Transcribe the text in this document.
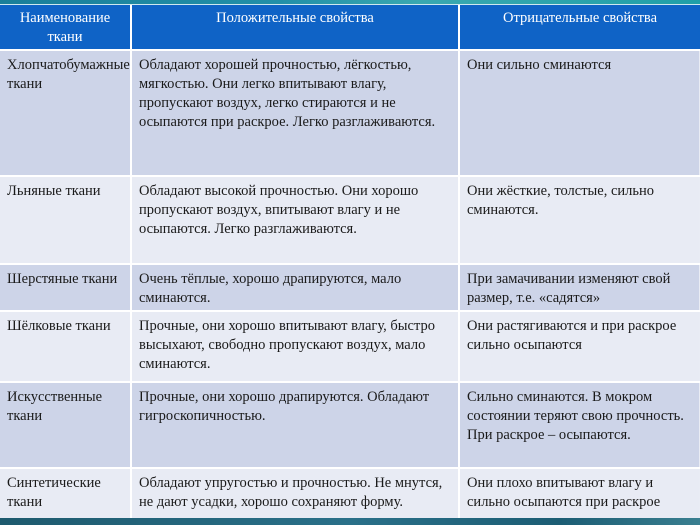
Наименование ткани	Положительные свойства	Отрицательные свойства
Хлопчатобумажные ткани	Обладают хорошей прочностью, лёгкостью, мягкостью. Они легко впитывают влагу, пропускают воздух, легко стираются и не осыпаются при раскрое. Легко разглаживаются.	Они сильно сминаются
Льняные ткани	Обладают высокой прочностью. Они хорошо пропускают воздух, впитывают влагу и не осыпаются. Легко разглаживаются.	Они жёсткие, толстые, сильно сминаются.
Шерстяные ткани	Очень тёплые, хорошо драпируются, мало сминаются.	При замачивании изменяют свой размер, т.е. «садятся»
Шёлковые ткани	Прочные, они хорошо впитывают влагу, быстро высыхают, свободно пропускают воздух, мало сминаются.	Они растягиваются и при раскрое сильно осыпаются
Искусственные ткани	Прочные, они хорошо драпируются. Обладают гигроскопичностью.	Сильно сминаются. В мокром состоянии теряют свою прочность. При раскрое – осыпаются.
Синтетические ткани	Обладают упругостью и прочностью. Не мнутся, не дают усадки, хорошо сохраняют форму.	Они плохо впитывают влагу и сильно осыпаются при раскрое
